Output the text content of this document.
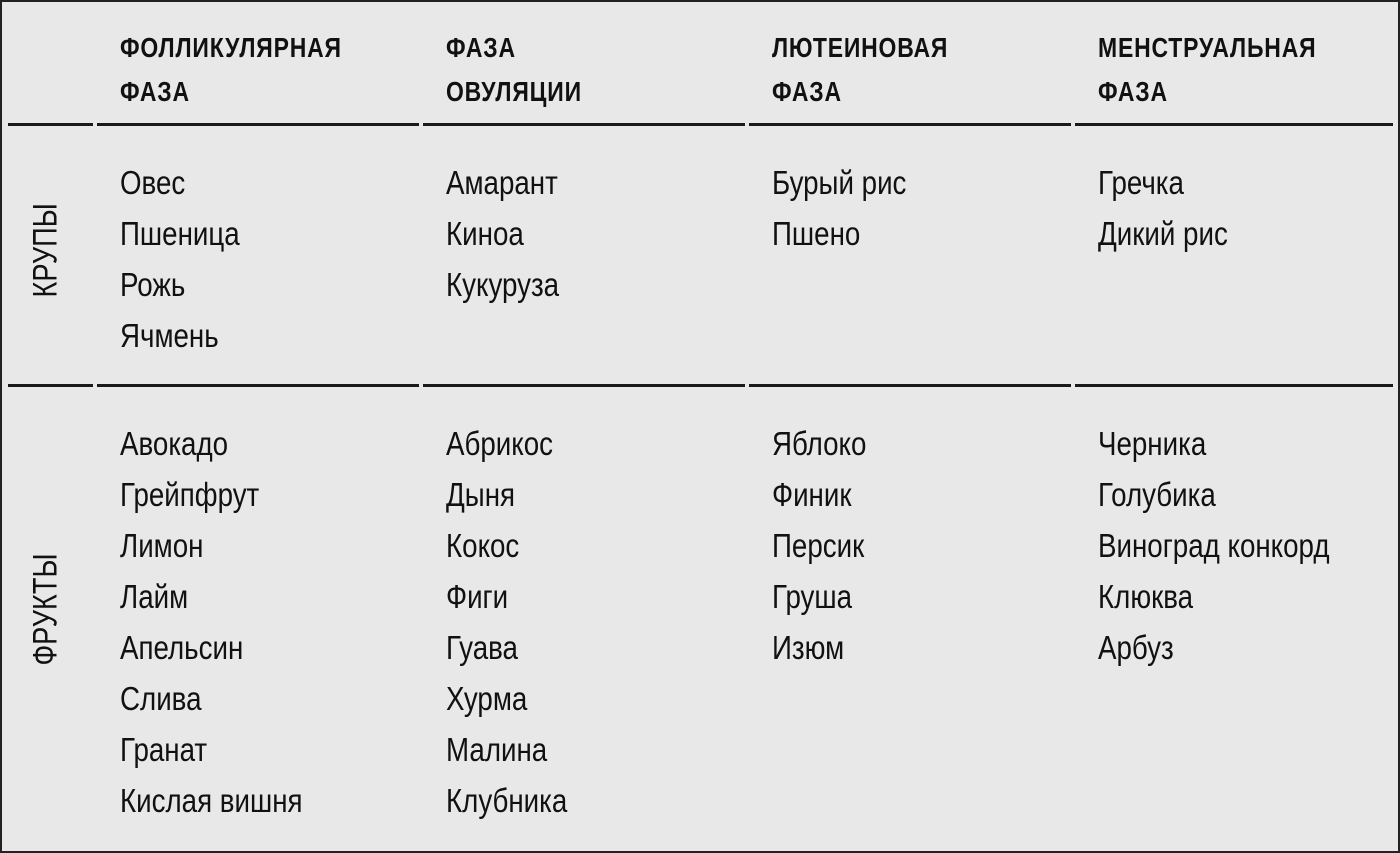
ФОЛЛИКУЛЯРНАЯ
ФАЗА
ФАЗА
ОВУЛЯЦИИ
ЛЮТЕИНОВАЯ
ФАЗА
МЕНСТРУАЛЬНАЯ
ФАЗА
КРУПЫ
ФРУКТЫ
Овес
Пшеница
Рожь
Ячмень
Амарант
Киноа
Кукуруза
Бурый рис
Пшено
Гречка
Дикий рис
Авокадо
Грейпфрут
Лимон
Лайм
Апельсин
Слива
Гранат
Кислая вишня
Абрикос
Дыня
Кокос
Фиги
Гуава
Хурма
Малина
Клубника
Яблоко
Финик
Персик
Груша
Изюм
Черника
Голубика
Виноград конкорд
Клюква
Арбуз
